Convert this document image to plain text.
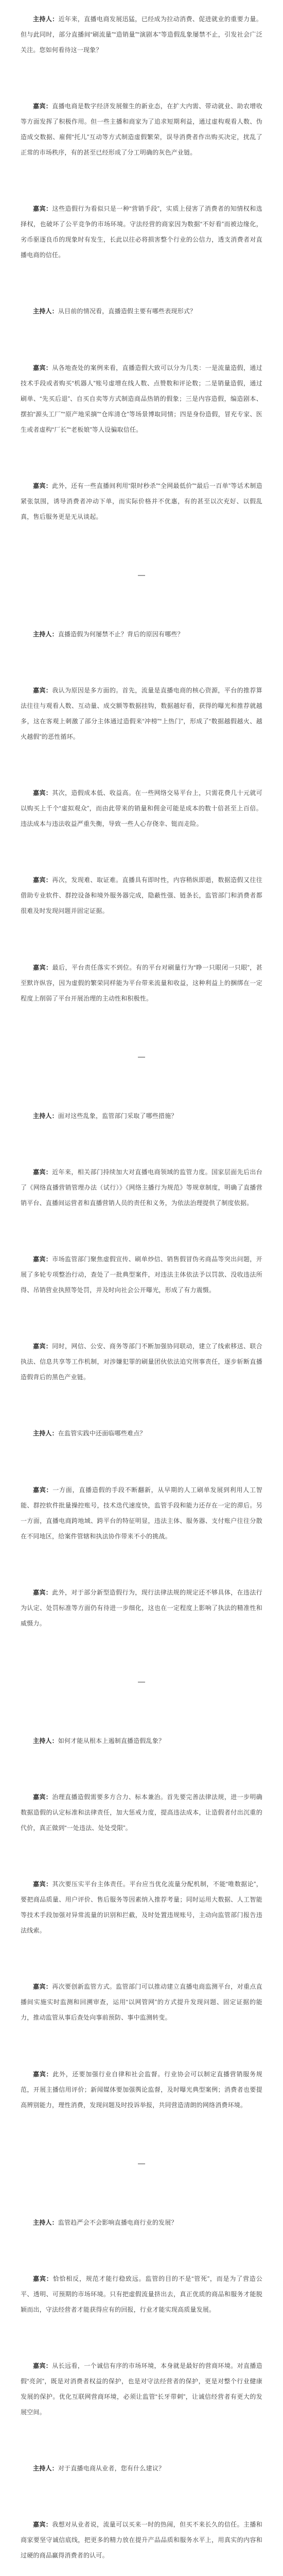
主持人：近年来，直播电商发展迅猛，已经成为拉动消费、促进就业的重要力量。但与此同时，部分直播间“刷流量”“造销量”“演剧本”等造假乱象屡禁不止，引发社会广泛关注。您如何看待这一现象？

嘉宾：直播电商是数字经济发展催生的新业态，在扩大内需、带动就业、助农增收等方面发挥了积极作用。但一些主播和商家为了追求短期利益，通过虚构观看人数、伪造成交数据、雇佣“托儿”互动等方式制造虚假繁荣，误导消费者作出购买决定，扰乱了正常的市场秩序，有的甚至已经形成了分工明确的灰色产业链。

嘉宾：这些造假行为看似只是一种“营销手段”，实质上侵害了消费者的知情权和选择权，也破坏了公平竞争的市场环境。守法经营的商家因为数据“不好看”而被边缘化，劣币驱逐良币的现象时有发生，长此以往必将损害整个行业的公信力，透支消费者对直播电商的信任。

主持人：从目前的情况看，直播造假主要有哪些表现形式？

嘉宾：从各地查处的案例来看，直播造假大致可以分为几类：一是流量造假，通过技术手段或者购买“机器人”账号虚增在线人数、点赞数和评论数；二是销量造假，通过刷单、“先买后退”、自买自卖等方式制造商品热销的假象；三是内容造假，编造剧本、摆拍“源头工厂”“原产地采摘”“仓库清仓”等场景博取同情；四是身份造假，冒充专家、医生或者虚构“厂长”“老板娘”等人设骗取信任。

嘉宾：此外，还有一些直播间利用“限时秒杀”“全网最低价”“最后一百单”等话术制造紧张氛围，诱导消费者冲动下单，而实际价格并不优惠，有的甚至以次充好、以假乱真，售后服务更是无从谈起。

主持人：直播造假为何屡禁不止？背后的原因有哪些？

嘉宾：我认为原因是多方面的。首先，流量是直播电商的核心资源，平台的推荐算法往往与观看人数、互动量、成交额等数据挂钩，数据越好看，获得的曝光和推荐就越多，这在客观上刺激了部分主体通过造假来“冲榜”“上热门”，形成了“数据越假越火、越火越假”的恶性循环。

嘉宾：其次，造假成本低、收益高。在一些网络交易平台上，只需花费几十元就可以购买上千个“虚拟观众”，而由此带来的销量和佣金可能是成本的数十倍甚至上百倍。违法成本与违法收益严重失衡，导致一些人心存侥幸、铤而走险。

嘉宾：再次，发现难、取证难。直播具有即时性，内容稍纵即逝，数据造假又往往借助专业软件、群控设备和境外服务器完成，隐蔽性强、链条长，监管部门和消费者都很难及时发现问题并固定证据。

嘉宾：最后，平台责任落实不到位。有的平台对刷量行为“睁一只眼闭一只眼”，甚至默许纵容，因为虚假的繁荣同样能为平台带来流量和收益，这种利益上的捆绑在一定程度上削弱了平台开展治理的主动性和积极性。

主持人：面对这些乱象，监管部门采取了哪些措施？

嘉宾：近年来，相关部门持续加大对直播电商领域的监管力度。国家层面先后出台了《网络直播营销管理办法（试行）》《网络主播行为规范》等规章制度，明确了直播营销平台、直播间运营者和直播营销人员的责任和义务，为依法治理提供了制度依据。

嘉宾：市场监管部门聚焦虚假宣传、刷单炒信、销售假冒伪劣商品等突出问题，开展了多轮专项整治行动，查处了一批典型案件，对违法主体依法予以罚款、没收违法所得、吊销营业执照等处罚，并及时向社会公开曝光，形成了有力震慑。

嘉宾：同时，网信、公安、商务等部门不断加强协同联动，建立了线索移送、联合执法、信息共享等工作机制，对涉嫌犯罪的刷量团伙依法追究刑事责任，逐步斩断直播造假背后的黑色产业链。

主持人：在监管实践中还面临哪些难点？

嘉宾：一方面，直播造假的手段不断翻新，从早期的人工刷单发展到利用人工智能、群控软件批量操控账号，技术迭代速度快，监管手段和能力还存在一定的滞后。另一方面，直播电商跨地域、跨平台的特征明显，违法主体、服务器、支付账户往往分散在不同地区，给案件管辖和执法协作带来不小的挑战。

嘉宾：此外，对于部分新型造假行为，现行法律法规的规定还不够具体，在违法行为认定、处罚标准等方面仍有待进一步细化，这也在一定程度上影响了执法的精准性和威慑力。

主持人：如何才能从根本上遏制直播造假乱象？

嘉宾：治理直播造假需要多方合力、标本兼治。首先要完善法律法规，进一步明确数据造假的认定标准和法律责任，加大惩戒力度，提高违法成本，让造假者付出沉重的代价，真正做到“一处违法、处处受限”。

嘉宾：其次要压实平台主体责任。平台应当优化流量分配机制，不能“唯数据论”，要把商品质量、用户评价、售后服务等因素纳入推荐考量；同时运用大数据、人工智能等技术手段加强对异常流量的识别和拦截，及时处置违规账号，主动向监管部门报告违法线索。

嘉宾：再次要创新监管方式。监管部门可以推动建立直播电商监测平台，对重点直播间实施实时监测和回溯审查，运用“以网管网”的方式提升发现问题、固定证据的能力，推动监管从事后查处向事前预防、事中监测转变。

嘉宾：此外，还要加强行业自律和社会监督。行业协会可以制定直播营销服务规范，开展主播信用评价；新闻媒体要加强舆论监督，及时曝光典型案例；消费者也要提高辨别能力，理性消费，发现问题及时投诉举报，共同营造清朗的网络消费环境。

主持人：监管趋严会不会影响直播电商行业的发展？

嘉宾：恰恰相反，规范才能行稳致远。监管的目的不是“管死”，而是为了营造公平、透明、可预期的市场环境。只有把虚假流量挤出去，真正优质的商品和服务才能脱颖而出，守法经营者才能获得应有的回报，行业才能实现高质量发展。

嘉宾：从长远看，一个诚信有序的市场环境，本身就是最好的营商环境。对直播造假“亮剑”，既是对消费者权益的保护，也是对守法经营者的保护，更是对整个行业健康发展的保护。优化互联网营商环境，必须让监管“长牙带刺”，让诚信经营者有更大的发展空间。

主持人：对于直播电商从业者，您有什么建议？

嘉宾：我想对从业者说，流量可以买来一时的热闹，但买不来长久的信任。主播和商家要坚守诚信底线，把更多的精力放在提升产品品质和服务水平上，用真实的内容和过硬的商品赢得消费者的认可。
